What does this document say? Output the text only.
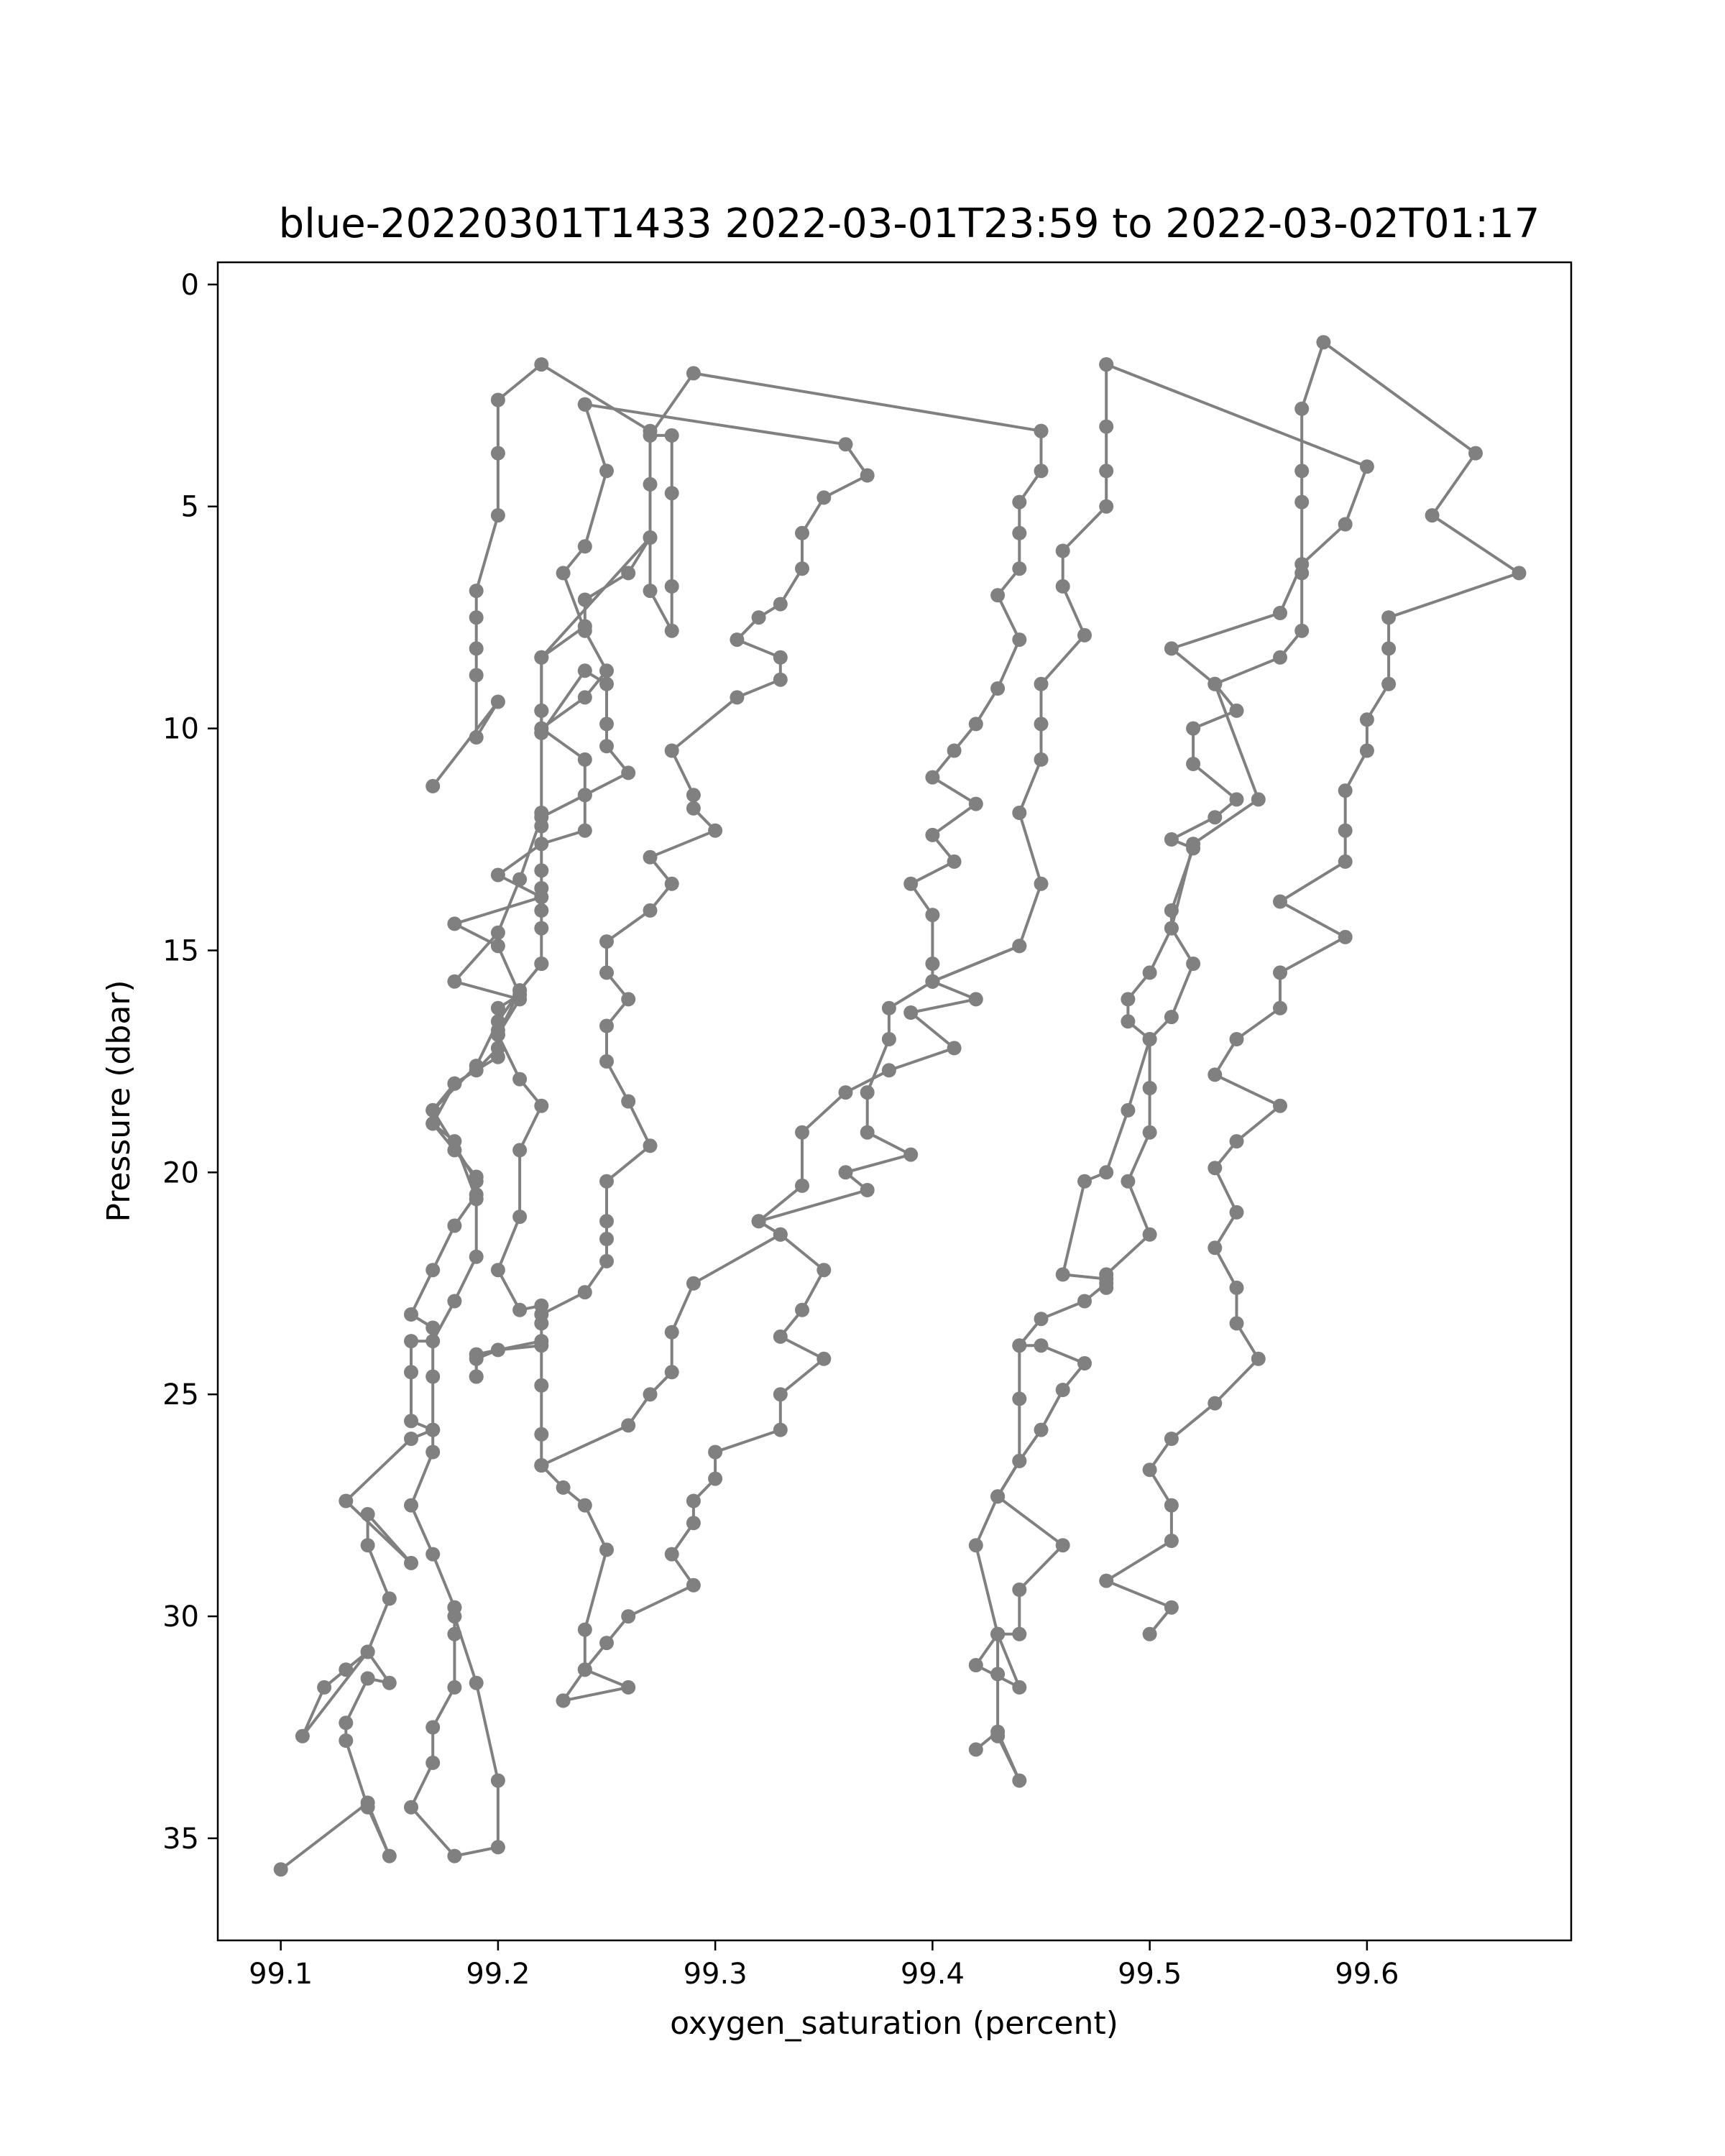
blue-20220301T1433 2022-03-01T23:59 to 2022-03-02T01:17
99.1	99.2	99.3	99.4	99.5	99.6
0
5
10
15
20
25
30
35
oxygen_saturation (percent)
Pressure (dbar)
